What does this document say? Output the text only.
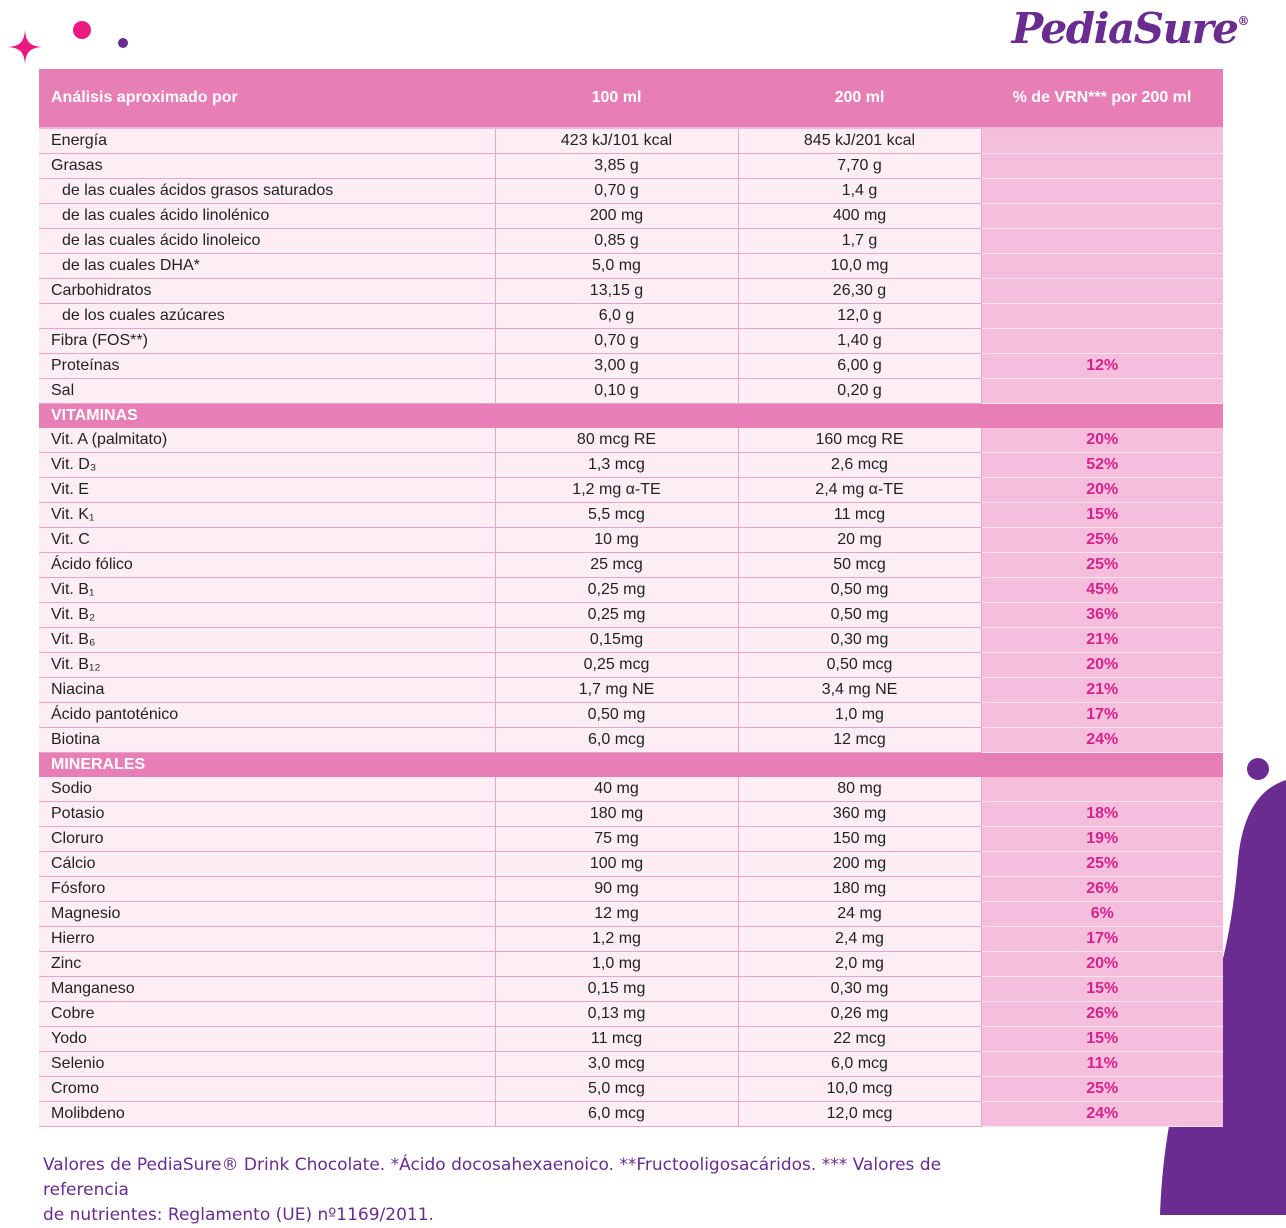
PediaSure®
Análisis aproximado por	100 ml	200 ml	% de VRN*** por 200 ml
Energía	423 kJ/101 kcal	845 kJ/201 kcal	
Grasas	3,85 g	7,70 g	
de las cuales ácidos grasos saturados	0,70 g	1,4 g	
de las cuales ácido linolénico	200 mg	400 mg	
de las cuales ácido linoleico	0,85 g	1,7 g	
de las cuales DHA*	5,0 mg	10,0 mg	
Carbohidratos	13,15 g	26,30 g	
de los cuales azúcares	6,0 g	12,0 g	
Fibra (FOS**)	0,70 g	1,40 g	
Proteínas	3,00 g	6,00 g	12%
Sal	0,10 g	0,20 g	
VITAMINAS			
Vit. A (palmitato)	80 mcg RE	160 mcg RE	20%
Vit. D₃	1,3 mcg	2,6 mcg	52%
Vit. E	1,2 mg α-TE	2,4 mg α-TE	20%
Vit. K₁	5,5 mcg	11 mcg	15%
Vit. C	10 mg	20 mg	25%
Ácido fólico	25 mcg	50 mcg	25%
Vit. B₁	0,25 mg	0,50 mg	45%
Vit. B₂	0,25 mg	0,50 mg	36%
Vit. B₆	0,15mg	0,30 mg	21%
Vit. B₁₂	0,25 mcg	0,50 mcg	20%
Niacina	1,7 mg NE	3,4 mg NE	21%
Ácido pantoténico	0,50 mg	1,0 mg	17%
Biotina	6,0 mcg	12 mcg	24%
MINERALES			
Sodio	40 mg	80 mg	
Potasio	180 mg	360 mg	18%
Cloruro	75 mg	150 mg	19%
Cálcio	100 mg	200 mg	25%
Fósforo	90 mg	180 mg	26%
Magnesio	12 mg	24 mg	6%
Hierro	1,2 mg	2,4 mg	17%
Zinc	1,0 mg	2,0 mg	20%
Manganeso	0,15 mg	0,30 mg	15%
Cobre	0,13 mg	0,26 mg	26%
Yodo	11 mcg	22 mcg	15%
Selenio	3,0 mcg	6,0 mcg	11%
Cromo	5,0 mcg	10,0 mcg	25%
Molibdeno	6,0 mcg	12,0 mcg	24%
Valores de PediaSure® Drink Chocolate. *Ácido docosahexaenoico. **Fructooligosacáridos. *** Valores de referencia
de nutrientes: Reglamento (UE) nº1169/2011.
